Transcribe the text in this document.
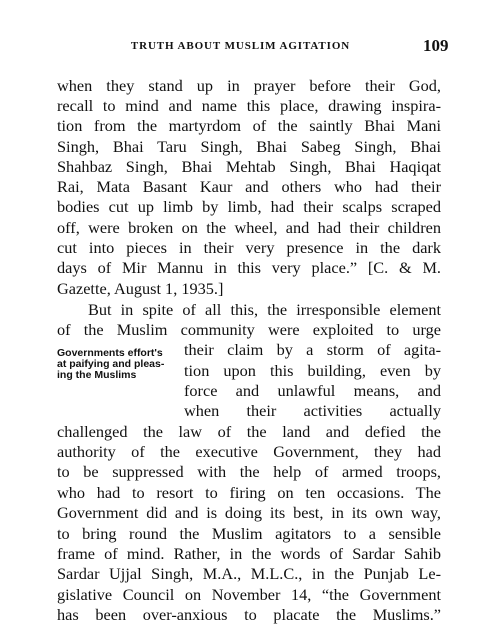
TRUTH ABOUT MUSLIM AGITATION	109
when they stand up in prayer before their God,
recall to mind and name this place, drawing inspira-
tion from the martyrdom of the saintly Bhai Mani
Singh, Bhai Taru Singh, Bhai Sabeg Singh, Bhai
Shahbaz Singh, Bhai Mehtab Singh, Bhai Haqiqat
Rai, Mata Basant Kaur and others who had their
bodies cut up limb by limb, had their scalps scraped
off, were broken on the wheel, and had their children
cut into pieces in their very presence in the dark
days of Mir Mannu in this very place.” [C. & M.
Gazette, August 1, 1935.]
But in spite of all this, the irresponsible element
of the Muslim community were exploited to urge
their claim by a storm of agita-
tion upon this building, even by
force and unlawful means, and
when their activities actually
challenged the law of the land and defied the
authority of the executive Government, they had
to be suppressed with the help of armed troops,
who had to resort to firing on ten occasions. The
Government did and is doing its best, in its own way,
to bring round the Muslim agitators to a sensible
frame of mind. Rather, in the words of Sardar Sahib
Sardar Ujjal Singh, M.A., M.L.C., in the Punjab Le-
gislative Council on November 14, “the Government
has been over-anxious to placate the Muslims.”
Governments effort's
at paifying and pleas-
ing the Muslims
